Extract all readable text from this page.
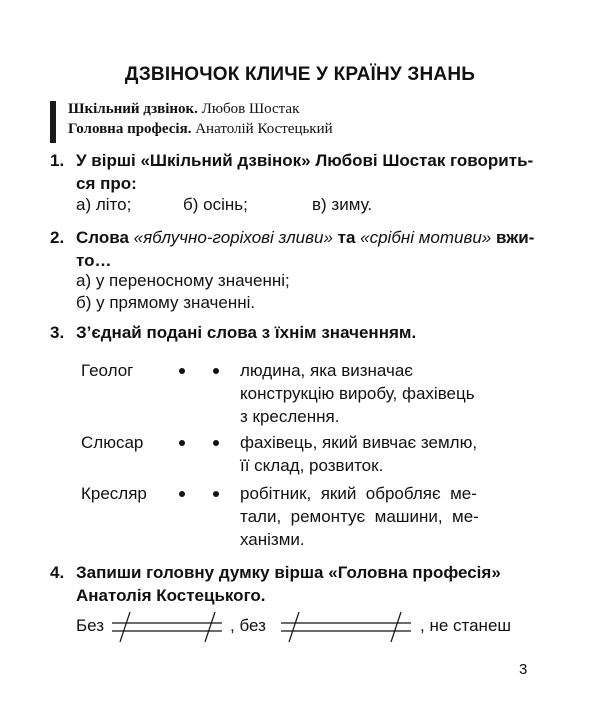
ДЗВІНОЧОК КЛИЧЕ У КРАЇНУ ЗНАНЬ
Шкільний дзвінок. Любов Шостак
Головна професія. Анатолій Костецький
1. У вірші «Шкільний дзвінок» Любові Шостак говорить-
ся про:
а) літо;	б) осінь;	в) зиму.
2. Слова «яблучно-горіхові зливи» та «срібні мотиви» вжи-
то…
а) у переносному значенні;
б) у прямому значенні.
3. З’єднай подані слова з їхнім значенням.
Геолог	людина, яка визначає
конструкцію виробу, фахівець
з креслення.
Слюсар	фахівець, який вивчає землю,
її склад, розвиток.
Кресляр	робітник,  який  обробляє  ме-
тали,  ремонтує  машини,  ме-
ханізми.
4. Запиши головну думку вірша «Головна професія»
Анатолія Костецького.
Без	, без	, не станеш
3
